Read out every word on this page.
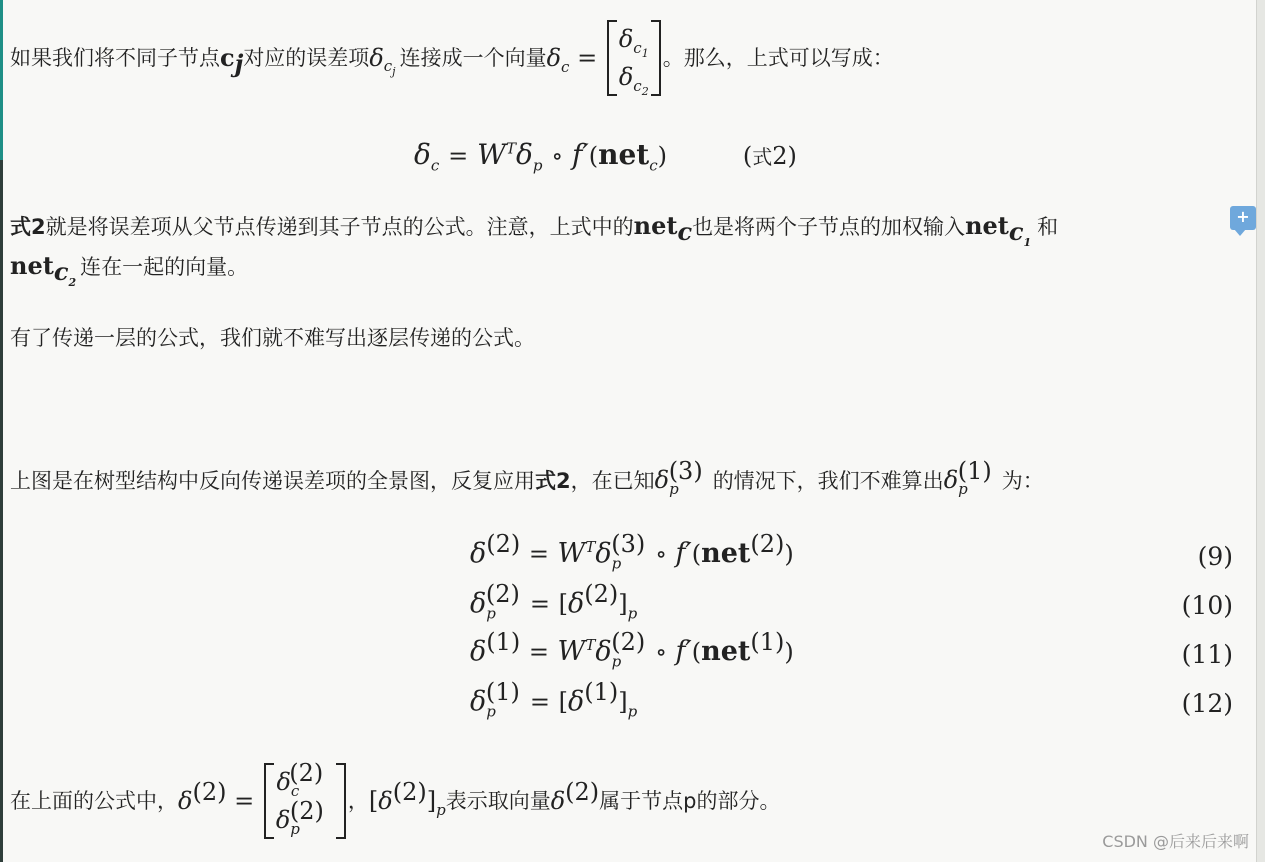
如果我们将不同子节点 $c_j$ 对应的误差项 $\delta_{c_j}$
连接成一个向量 $\delta_c$ =
$\delta_{c_1}$
$\delta_{c_2}$
。那么，上式可以写成：
$\delta_c = W^T\delta_p$ ∘ f′(net$_c$)	(式2)
式2就是将误差项从父节点传递到其子节点的公式。注意，上式中的net$_c$也是将两个子节点的加权输入net$_{c_1}$和
net$_{c_2}$连在一起的向量。
有了传递一层的公式，我们就不难写出逐层传递的公式。
上图是在树型结构中反向传递误差项的全景图，反复应用式2，在已知$\delta_p^{(3)}$ 的情况下，我们不难算出$\delta_p^{(1)}$ 为：
$\delta^{(2)} = W^T\delta_p^{(3)}$ ∘ f′(net$^{(2)}$)	(9)
$\delta_p^{(2)} = [\delta^{(2)}]_p$	(10)
$\delta^{(1)} = W^T\delta_p^{(2)}$ ∘ f′(net$^{(1)}$)	(11)
$\delta_p^{(1)} = [\delta^{(1)}]_p$	(12)
在上面的公式中， $\delta^{(2)}$ =
$\delta_c^{(2)}$
$\delta_p^{(2)}$	， $[\delta^{(2)}]_p$ 表示取向量 $\delta^{(2)}$ 属于节点p的部分。
+
CSDN @后来后来啊
